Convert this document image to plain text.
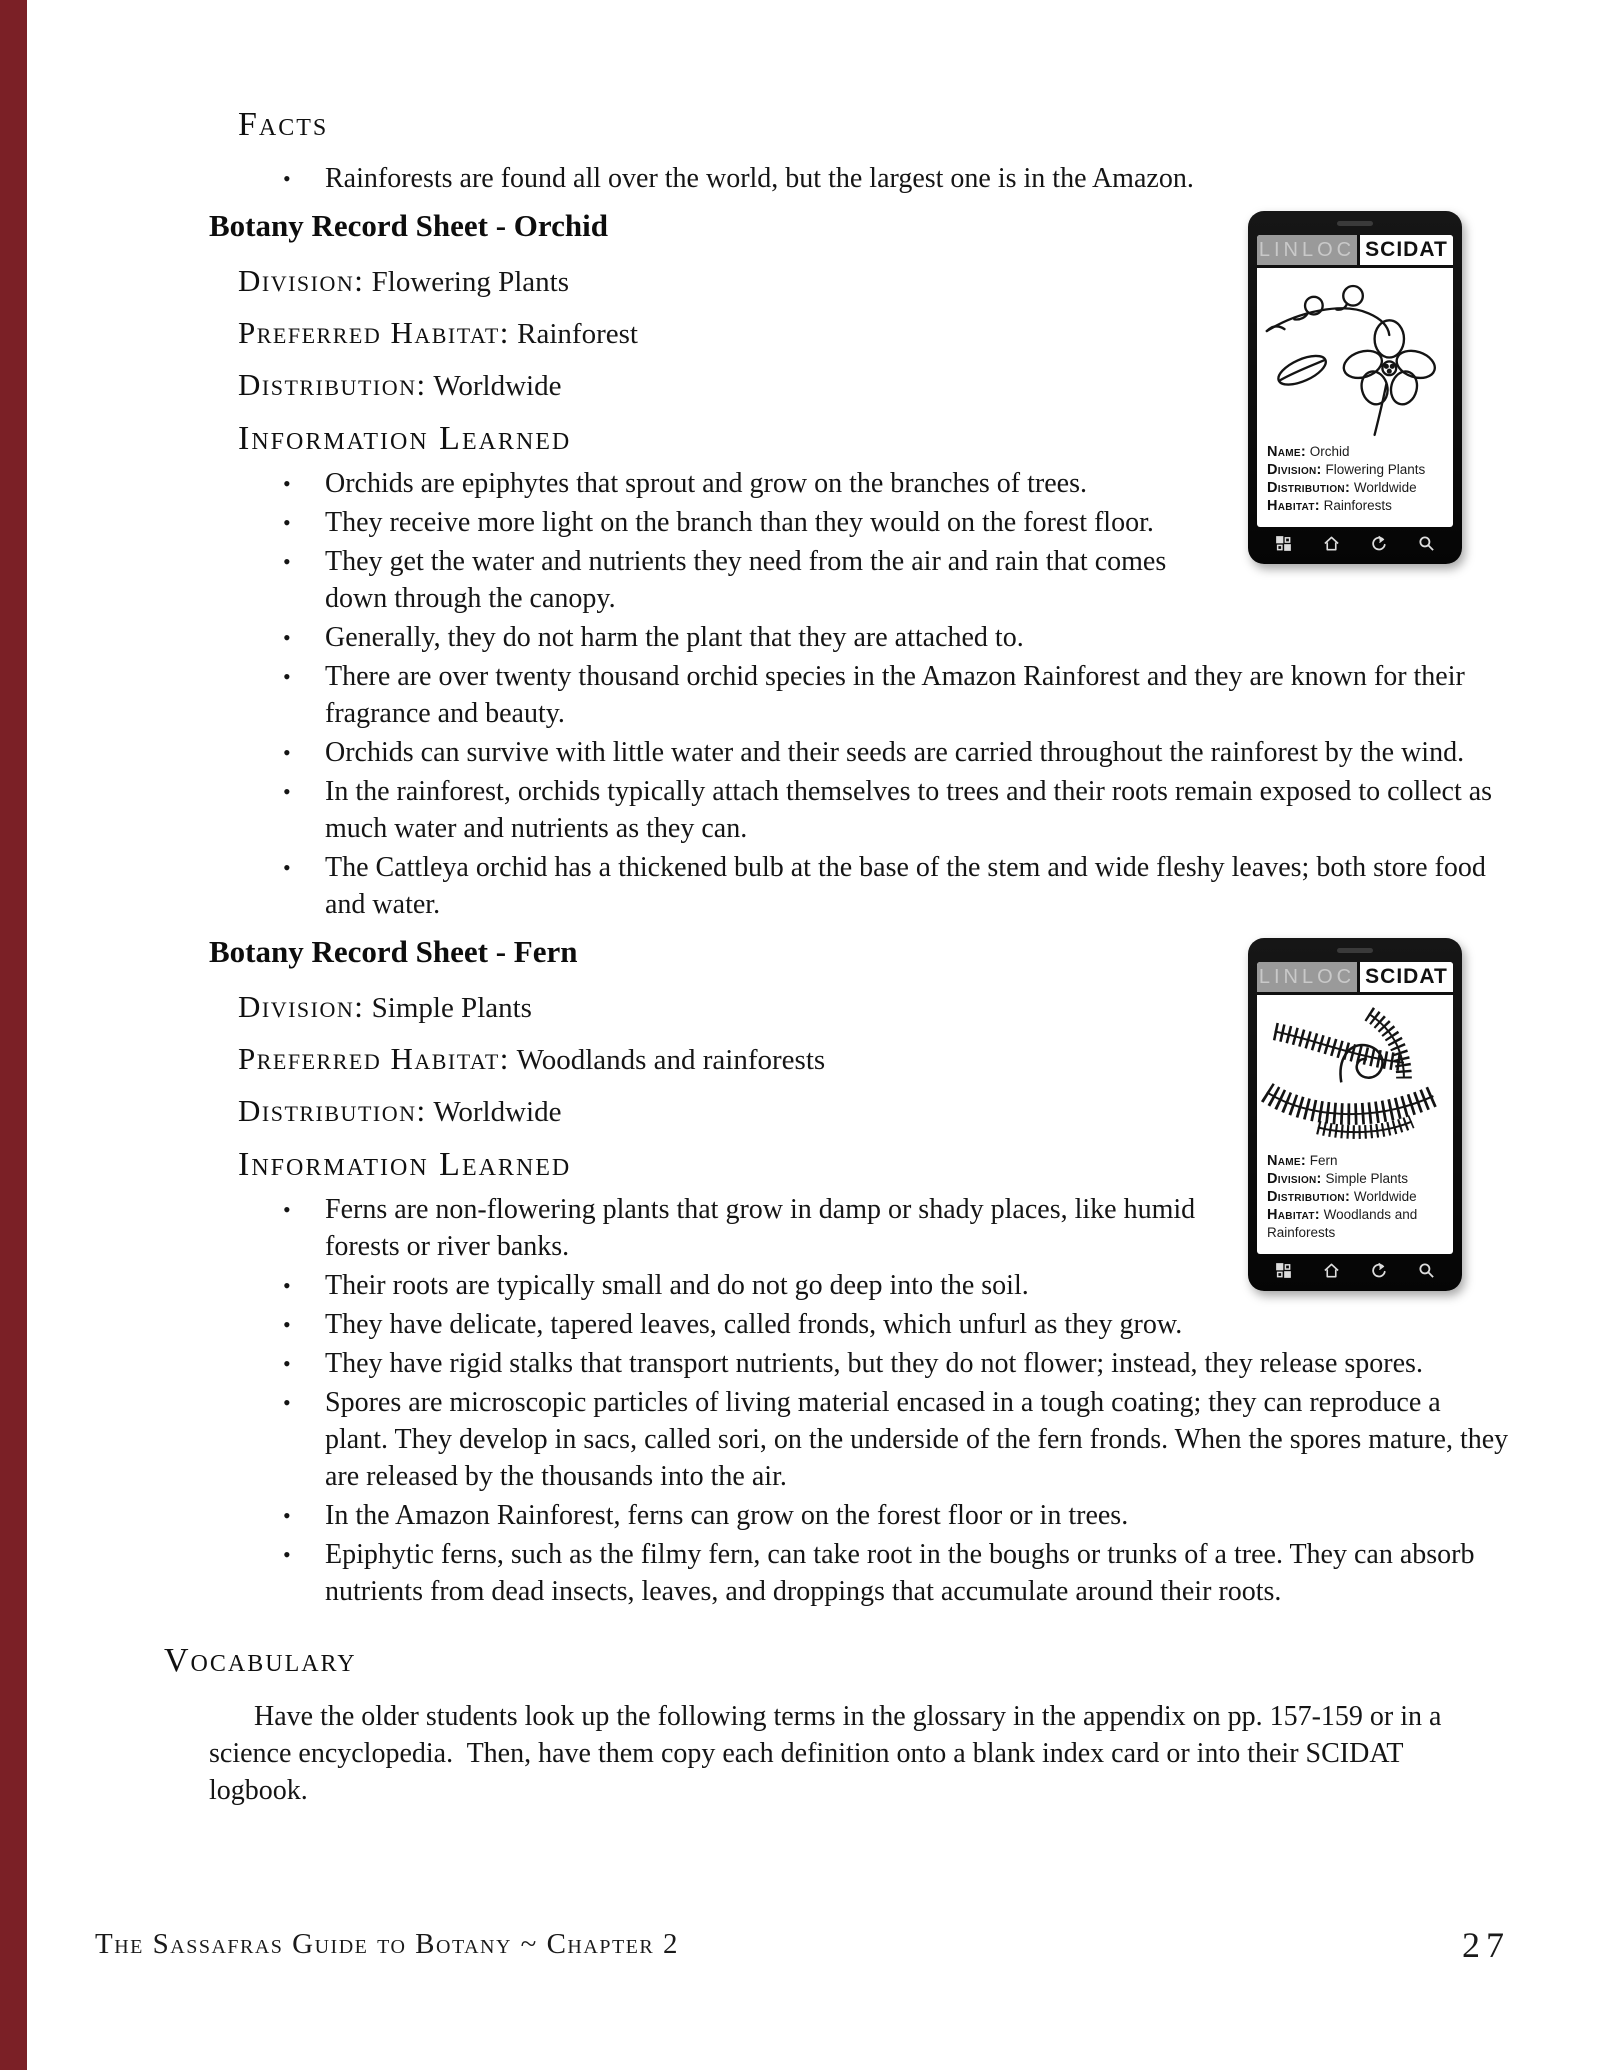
Facts
• Rainforests are found all over the world, but the largest one is in the Amazon.
LINLOC SCIDAT
Name: Orchid
Division: Flowering Plants
Distribution: Worldwide
Habitat: Rainforests
Botany Record Sheet - Orchid
Division: Flowering Plants
Preferred Habitat: Rainforest
Distribution: Worldwide
Information Learned
• Orchids are epiphytes that sprout and grow on the branches of trees.
• They receive more light on the branch than they would on the forest floor.
• They get the water and nutrients they need from the air and rain that comes down through the canopy.
• Generally, they do not harm the plant that they are attached to.
• There are over twenty thousand orchid species in the Amazon Rainforest and they are known for their fragrance and beauty.
• Orchids can survive with little water and their seeds are carried throughout the rainforest by the wind.
• In the rainforest, orchids typically attach themselves to trees and their roots remain exposed to collect as much water and nutrients as they can.
• The Cattleya orchid has a thickened bulb at the base of the stem and wide fleshy leaves; both store food and water.
LINLOC SCIDAT
Name: Fern
Division: Simple Plants
Distribution: Worldwide
Habitat: Woodlands and Rainforests
Botany Record Sheet - Fern
Division: Simple Plants
Preferred Habitat: Woodlands and rainforests
Distribution: Worldwide
Information Learned
• Ferns are non-flowering plants that grow in damp or shady places, like humid forests or river banks.
• Their roots are typically small and do not go deep into the soil.
• They have delicate, tapered leaves, called fronds, which unfurl as they grow.
• They have rigid stalks that transport nutrients, but they do not flower; instead, they release spores.
• Spores are microscopic particles of living material encased in a tough coating; they can reproduce a plant. They develop in sacs, called sori, on the underside of the fern fronds. When the spores mature, they are released by the thousands into the air.
• In the Amazon Rainforest, ferns can grow on the forest floor or in trees.
• Epiphytic ferns, such as the filmy fern, can take root in the boughs or trunks of a tree. They can absorb nutrients from dead insects, leaves, and droppings that accumulate around their roots.
Vocabulary

Have the older students look up the following terms in the glossary in the appendix on pp. 157-159 or in a science encyclopedia.  Then, have them copy each definition onto a blank index card or into their SCIDAT logbook.

The Sassafras Guide to Botany ~ Chapter 2	27
